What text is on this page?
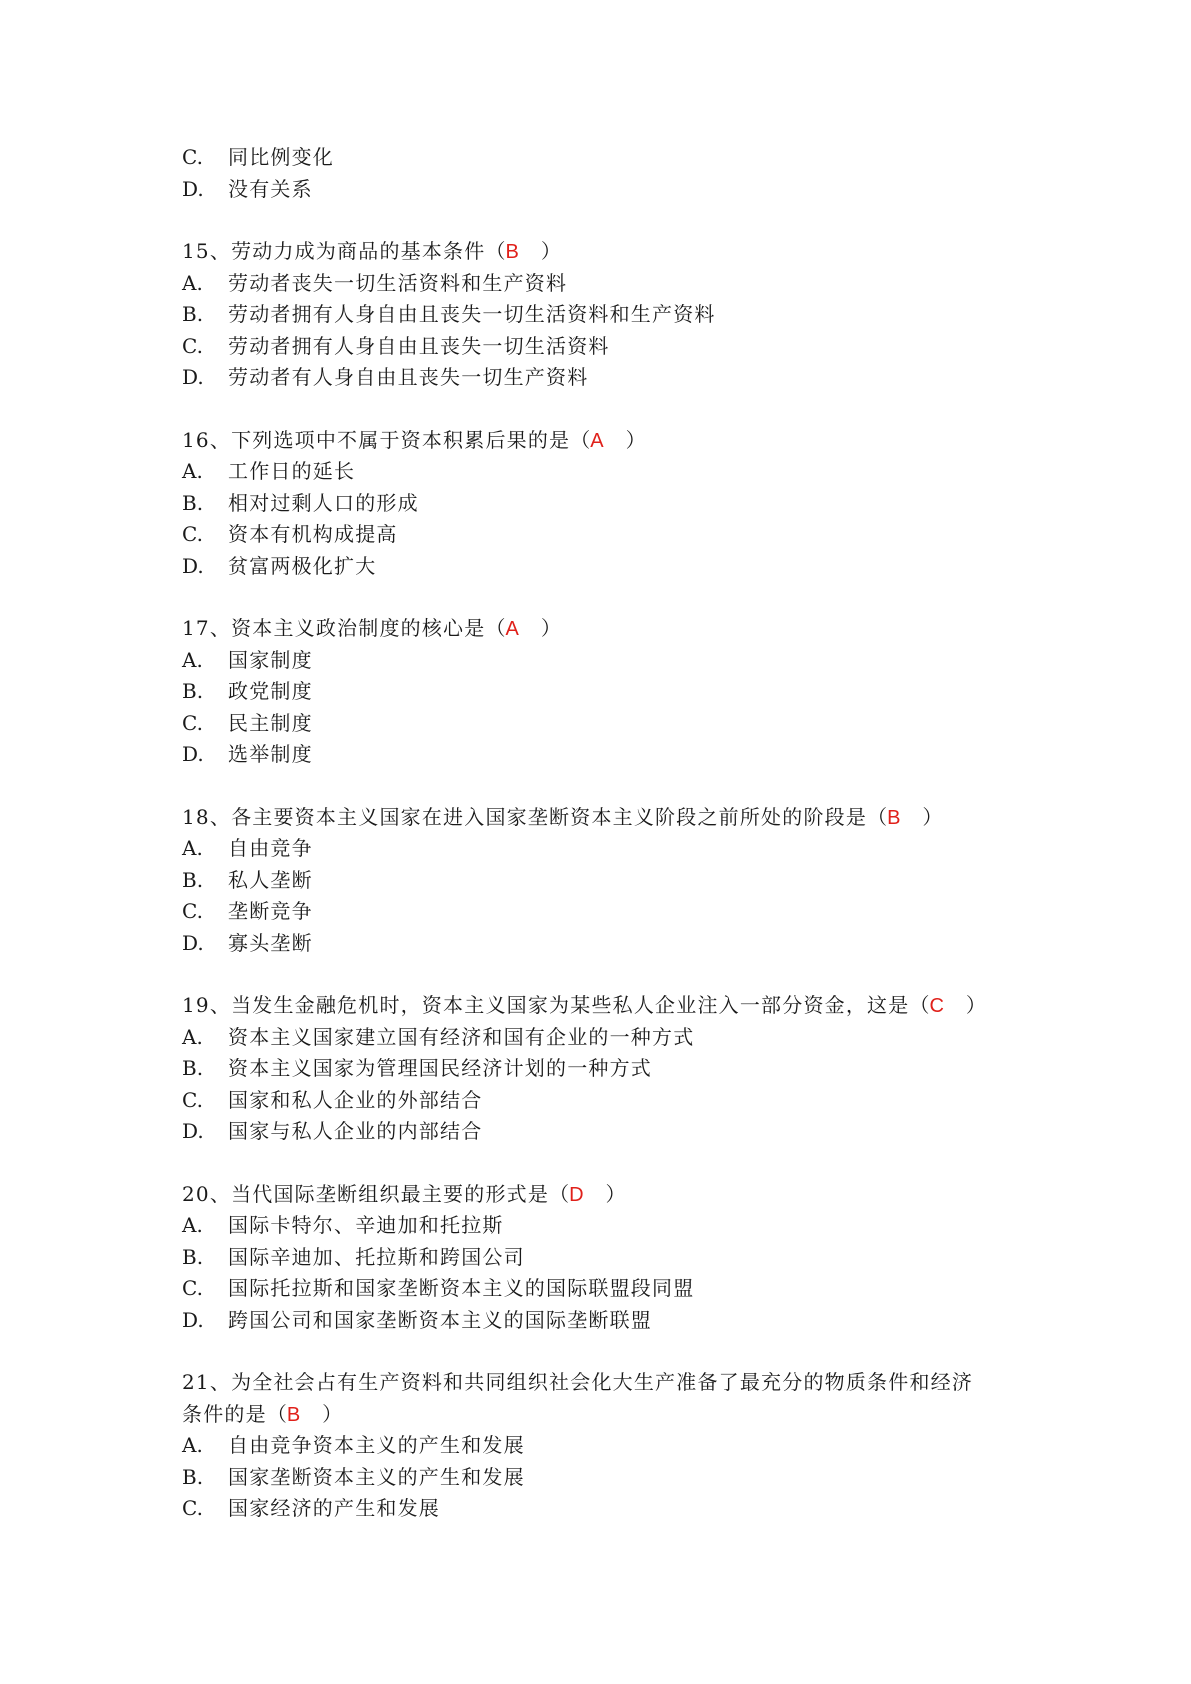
C. 同比例变化
D. 没有关系
15、劳动力成为商品的基本条件（B ）
A. 劳动者丧失一切生活资料和生产资料
B. 劳动者拥有人身自由且丧失一切生活资料和生产资料
C. 劳动者拥有人身自由且丧失一切生活资料
D. 劳动者有人身自由且丧失一切生产资料
16、下列选项中不属于资本积累后果的是（A ）
A. 工作日的延长
B. 相对过剩人口的形成
C. 资本有机构成提高
D. 贫富两极化扩大
17、资本主义政治制度的核心是（A ）
A. 国家制度
B. 政党制度
C. 民主制度
D. 选举制度
18、各主要资本主义国家在进入国家垄断资本主义阶段之前所处的阶段是（B ）
A. 自由竞争
B. 私人垄断
C. 垄断竞争
D. 寡头垄断
19、当发生金融危机时，资本主义国家为某些私人企业注入一部分资金，这是（C ）
A. 资本主义国家建立国有经济和国有企业的一种方式
B. 资本主义国家为管理国民经济计划的一种方式
C. 国家和私人企业的外部结合
D. 国家与私人企业的内部结合
20、当代国际垄断组织最主要的形式是（D ）
A. 国际卡特尔、辛迪加和托拉斯
B. 国际辛迪加、托拉斯和跨国公司
C. 国际托拉斯和国家垄断资本主义的国际联盟段同盟
D. 跨国公司和国家垄断资本主义的国际垄断联盟
21、为全社会占有生产资料和共同组织社会化大生产准备了最充分的物质条件和经济
条件的是（B ）
A. 自由竞争资本主义的产生和发展
B. 国家垄断资本主义的产生和发展
C. 国家经济的产生和发展
